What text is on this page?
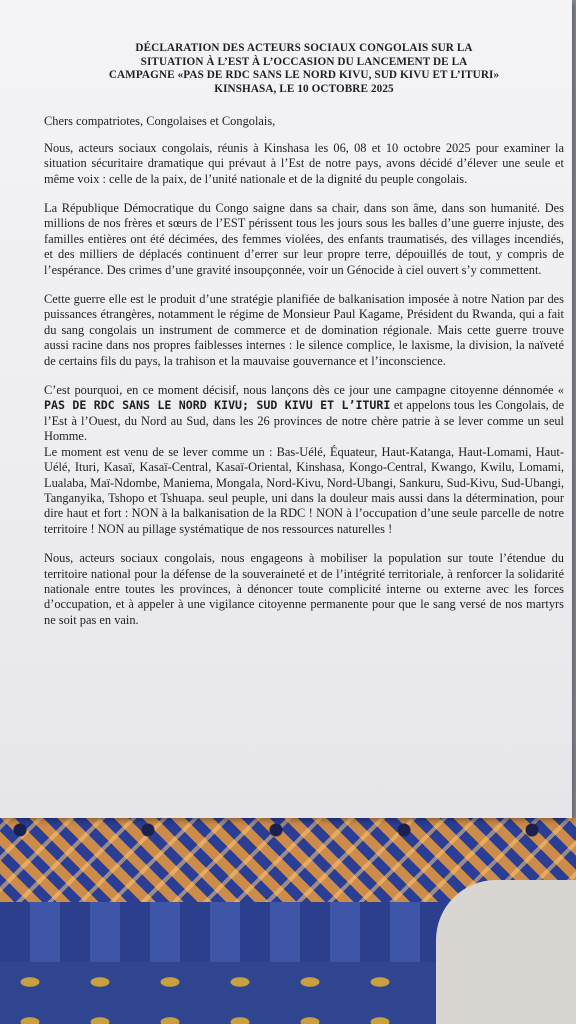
DÉCLARATION DES ACTEURS SOCIAUX CONGOLAIS SUR LA
SITUATION À L’EST À L’OCCASION DU LANCEMENT DE LA
CAMPAGNE «PAS DE RDC SANS LE NORD KIVU, SUD KIVU ET L’ITURI»
KINSHASA, LE 10 OCTOBRE 2025

Chers compatriotes, Congolaises et Congolais,

Nous, acteurs sociaux congolais, réunis à Kinshasa les 06, 08 et 10 octobre 2025 pour examiner la situation sécuritaire dramatique qui prévaut à l’Est de notre pays, avons décidé d’élever une seule et même voix : celle de la paix, de l’unité nationale et de la dignité du peuple congolais.

La République Démocratique du Congo saigne dans sa chair, dans son âme, dans son humanité. Des millions de nos frères et sœurs de l’EST périssent tous les jours sous les balles d’une guerre injuste, des familles entières ont été décimées, des femmes violées, des enfants traumatisés, des villages incendiés, et des milliers de déplacés continuent d’errer sur leur propre terre, dépouillés de tout, y compris de l’espérance. Des crimes d’une gravité insoupçonnée, voir un Génocide à ciel ouvert s’y commettent.

Cette guerre elle est le produit d’une stratégie planifiée de balkanisation imposée à notre Nation par des puissances étrangères, notamment le régime de Monsieur Paul Kagame, Président du Rwanda, qui a fait du sang congolais un instrument de commerce et de domination régionale. Mais cette guerre trouve aussi racine dans nos propres faiblesses internes : le silence complice, le laxisme, la division, la naïveté de certains fils du pays, la trahison et la mauvaise gouvernance et l’inconscience.

C’est pourquoi, en ce moment décisif, nous lançons dès ce jour une campagne citoyenne dénnomée « PAS DE RDC SANS LE NORD KIVU; SUD KIVU ET L’ITURI et appelons tous les Congolais, de l’Est à l’Ouest, du Nord au Sud, dans les 26 provinces de notre chère patrie à se lever comme un seul Homme.

Le moment est venu de se lever comme un : Bas-Uélé, Équateur, Haut-Katanga, Haut-Lomami, Haut-Uélé, Ituri, Kasaï, Kasaï-Central, Kasaï-Oriental, Kinshasa, Kongo-Central, Kwango, Kwilu, Lomami, Lualaba, Maï-Ndombe, Maniema, Mongala, Nord-Kivu, Nord-Ubangi, Sankuru, Sud-Kivu, Sud-Ubangi, Tanganyika, Tshopo et Tshuapa. seul peuple, uni dans la douleur mais aussi dans la détermination, pour dire haut et fort : NON à la balkanisation de la RDC ! NON à l’occupation d’une seule parcelle de notre territoire ! NON au pillage systématique de nos ressources naturelles !

Nous, acteurs sociaux congolais, nous engageons à mobiliser la population sur toute l’étendue du territoire national pour la défense de la souveraineté et de l’intégrité territoriale, à renforcer la solidarité nationale entre toutes les provinces, à dénoncer toute complicité interne ou externe avec les forces d’occupation, et à appeler à une vigilance citoyenne permanente pour que le sang versé de nos martyrs ne soit pas en vain.
